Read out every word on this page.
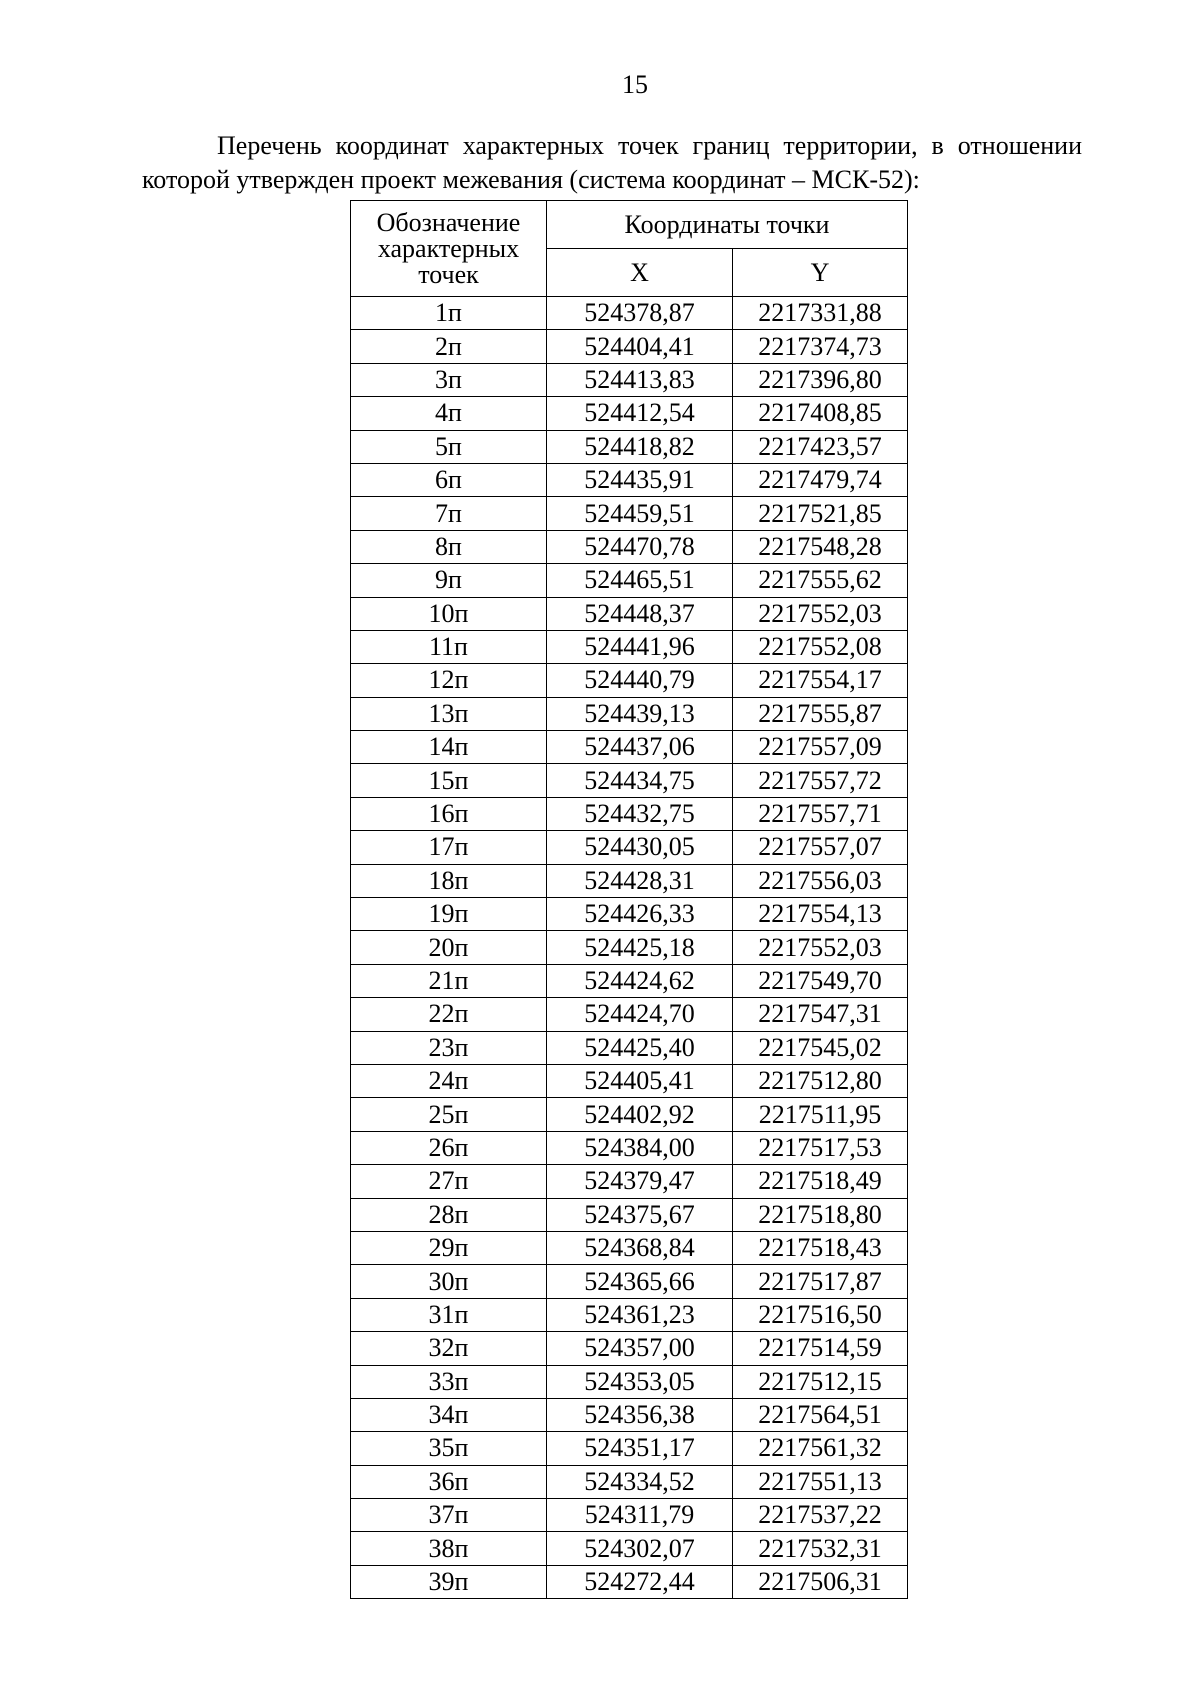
15

Перечень координат характерных точек границ территории, в отношении которой утвержден проект межевания (система координат – МСК-52):

Обозначение характерных точек	Координаты точки	
	X	Y
1п	524378,87	2217331,88
2п	524404,41	2217374,73
3п	524413,83	2217396,80
4п	524412,54	2217408,85
5п	524418,82	2217423,57
6п	524435,91	2217479,74
7п	524459,51	2217521,85
8п	524470,78	2217548,28
9п	524465,51	2217555,62
10п	524448,37	2217552,03
11п	524441,96	2217552,08
12п	524440,79	2217554,17
13п	524439,13	2217555,87
14п	524437,06	2217557,09
15п	524434,75	2217557,72
16п	524432,75	2217557,71
17п	524430,05	2217557,07
18п	524428,31	2217556,03
19п	524426,33	2217554,13
20п	524425,18	2217552,03
21п	524424,62	2217549,70
22п	524424,70	2217547,31
23п	524425,40	2217545,02
24п	524405,41	2217512,80
25п	524402,92	2217511,95
26п	524384,00	2217517,53
27п	524379,47	2217518,49
28п	524375,67	2217518,80
29п	524368,84	2217518,43
30п	524365,66	2217517,87
31п	524361,23	2217516,50
32п	524357,00	2217514,59
33п	524353,05	2217512,15
34п	524356,38	2217564,51
35п	524351,17	2217561,32
36п	524334,52	2217551,13
37п	524311,79	2217537,22
38п	524302,07	2217532,31
39п	524272,44	2217506,31
